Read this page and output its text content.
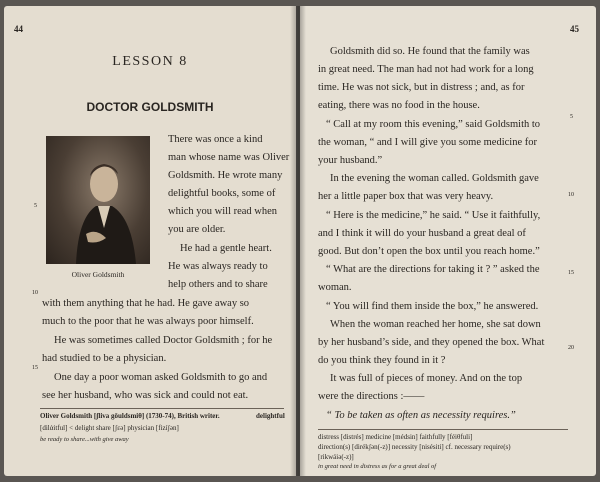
44
LESSON 8
DOCTOR GOLDSMITH
Oliver Goldsmith
5
10
15
There was once a kind
man whose name was Oliver
Goldsmith. He wrote many
delightful books, some of
which you will read when
you are older.
He had a gentle heart.
He was always ready to
help others and to share
with them anything that he had. He gave away so
much to the poor that he was always poor himself.
He was sometimes called Doctor Goldsmith ; for he
had studied to be a physician.
One day a poor woman asked Goldsmith to go and
see her husband, who was sick and could not eat.
Oliver Goldsmith [ʃliva gōuldsmiθ] (1730-74), British writer.	delightful
[dilάitful] < delight share [ʃεə] physician [fizíʃən]
be ready to share...with give away
45
5
10
15
20
Goldsmith did so. He found that the family was
in great need. The man had not had work for a long
time. He was not sick, but in distress ; and, as for
eating, there was no food in the house.
“ Call at my room this evening,” said Goldsmith to
the woman, “ and I will give you some medicine for
your husband.”
In the evening the woman called. Goldsmith gave
her a little paper box that was very heavy.
“ Here is the medicine,” he said. “ Use it faithfully,
and I think it will do your husband a great deal of
good. But don’t open the box until you reach home.”
“ What are the directions for taking it ? ” asked the
woman.
“ You will find them inside the box,” he answered.
When the woman reached her home, she sat down
by her husband’s side, and they opened the box. What
do you think they found in it ?
It was full of pieces of money. And on the top
were the directions :——
“ To be taken as often as necessity requires.”
distress [distrés] medicine [médsin] faithfully [féiθfuli]
direction(s) [dirékʃən(-z)] necessity [nisésiti] cf. necessary require(s)
[rikwáiə(-z)]
in great need in distress as for a great deal of
